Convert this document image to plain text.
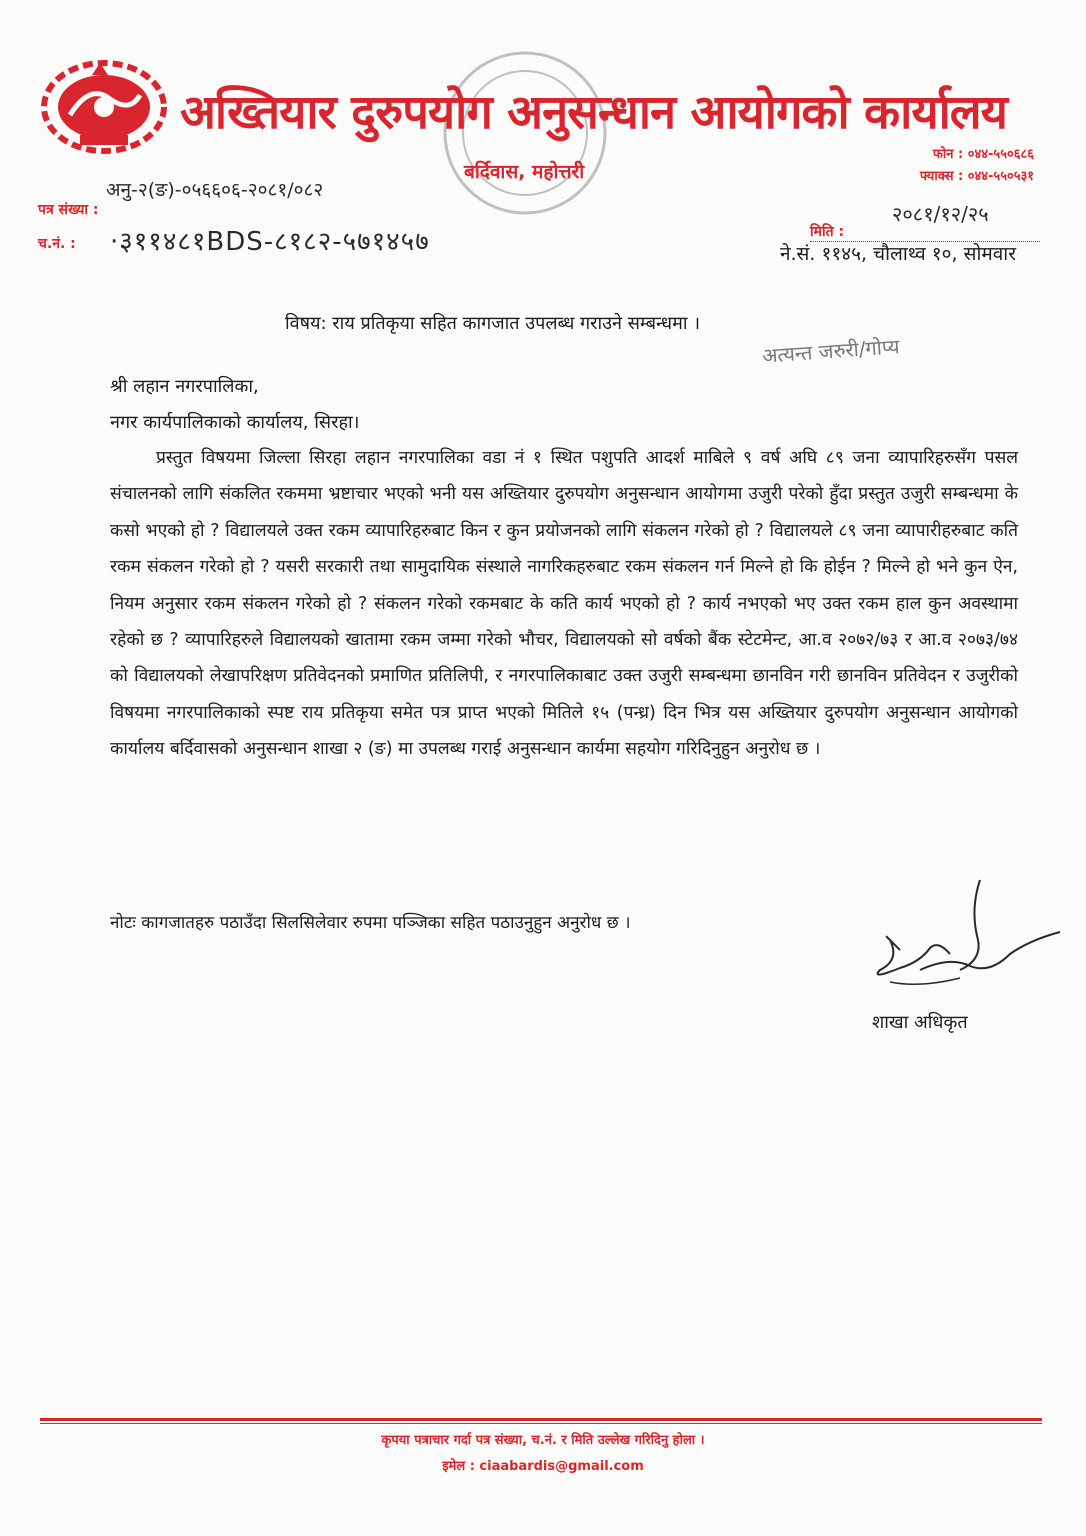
अख्तियार दुरुपयोग अनुसन्धान आयोगको कार्यालय
बर्दिवास, महोत्तरी
फोन : ०४४-५५०६८६
फ्याक्स : ०४४-५५०५३१
पत्र संख्या :
अनु-२(ङ)-०५६६०६-२०८१/०८२
च.नं. : ·३११४८१BDS-८१८२-५७१४५७	मिति :
२०८१/१२/२५
ने.सं. ११४५, चौलाथ्व १०, सोमवार
विषय: राय प्रतिकृया सहित कागजात उपलब्ध गराउने सम्बन्धमा ।
अत्यन्त जरुरी/गोप्य
श्री लहान नगरपालिका,
नगर कार्यपालिकाको कार्यालय, सिरहा।
प्रस्तुत विषयमा जिल्ला सिरहा लहान नगरपालिका वडा नं १ स्थित पशुपति आदर्श माबिले ९ वर्ष अघि ८९ जना व्यापारिहरुसँग पसल संचालनको लागि संकलित रकममा भ्रष्टाचार भएको भनी यस अख्तियार दुरुपयोग अनुसन्धान आयोगमा उजुरी परेको हुँदा प्रस्तुत उजुरी सम्बन्धमा के कसो भएको हो ? विद्यालयले उक्त रकम व्यापारिहरुबाट किन र कुन प्रयोजनको लागि संकलन गरेको हो ? विद्यालयले ८९ जना व्यापारीहरुबाट कति रकम संकलन गरेको हो ? यसरी सरकारी तथा सामुदायिक संस्थाले नागरिकहरुबाट रकम संकलन गर्न मिल्ने हो कि होईन ? मिल्ने हो भने कुन ऐन, नियम अनुसार रकम संकलन गरेको हो ? संकलन गरेको रकमबाट के कति कार्य भएको हो ? कार्य नभएको भए उक्त रकम हाल कुन अवस्थामा रहेको छ ? व्यापारिहरुले विद्यालयको खातामा रकम जम्मा गरेको भौचर, विद्यालयको सो वर्षको बैंक स्टेटमेन्ट, आ.व २०७२/७३ र आ.व २०७३/७४ को विद्यालयको लेखापरिक्षण प्रतिवेदनको प्रमाणित प्रतिलिपी, र नगरपालिकाबाट उक्त उजुरी सम्बन्धमा छानविन गरी छानविन प्रतिवेदन र उजुरीको विषयमा नगरपालिकाको स्पष्ट राय प्रतिकृया समेत पत्र प्राप्त भएको मितिले १५ (पन्ध्र) दिन भित्र यस अख्तियार दुरुपयोग अनुसन्धान आयोगको कार्यालय बर्दिवासको अनुसन्धान शाखा २ (ङ) मा उपलब्ध गराई अनुसन्धान कार्यमा सहयोग गरिदिनुहुन अनुरोध छ ।
नोटः कागजातहरु पठाउँदा सिलसिलेवार रुपमा पञ्जिका सहित पठाउनुहुन अनुरोध छ ।
शाखा अधिकृत
कृपया पत्राचार गर्दा पत्र संख्या, च.नं. र मिति उल्लेख गरिदिनु होला ।
इमेल : ciaabardis@gmail.com
